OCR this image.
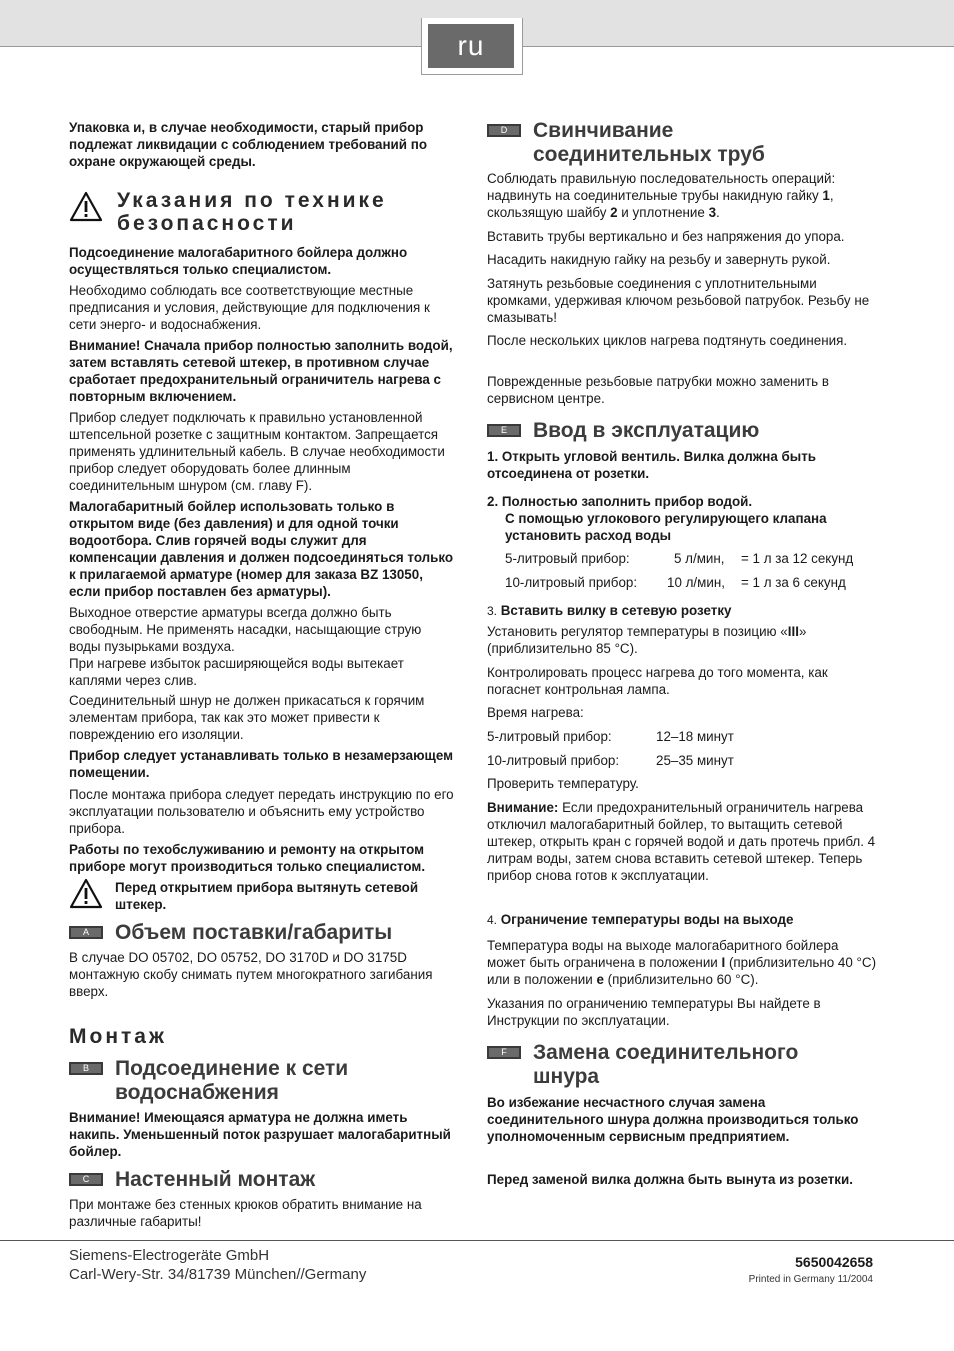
ru

Упаковка и, в случае необходимости, старый прибор подлежат ликвидации с соблюдением требований по охране окружающей среды.

Указания по технике безопасности

Подсоединение малогабаритного бойлера должно осуществляться только специалистом.

Необходимо соблюдать все соответствующие местные предписания и условия, действующие для подключения к сети энерго- и водоснабжения.

Внимание! Сначала прибор полностью заполнить водой, затем вставлять сетевой штекер, в противном случае сработает предохранительный ограничитель нагрева с повторным включением.

Прибор следует подключать к правильно установленной штепсельной розетке с защитным контактом. Запрещается применять удлинительный кабель. В случае необходимости прибор следует оборудовать более длинным соединительным шнуром (см. главу F).

Малогабаритный бойлер использовать только в открытом виде (без давления) и для одной точки водоотбора. Слив горячей воды служит для компенсации давления и должен подсоединяться только к прилагаемой арматуре (номер для заказа BZ 13050, если прибор поставлен без арматуры).

Выходное отверстие арматуры всегда должно быть свободным. Не применять насадки, насыщающие струю воды пузырьками воздуха.

При нагреве избыток расширяющейся воды вытекает каплями через слив.

Соединительный шнур не должен прикасаться к горячим элементам прибора, так как это может привести к повреждению его изоляции.

Прибор следует устанавливать только в незамерзающем помещении.

После монтажа прибора следует передать инструкцию по его эксплуатации пользователю и объяснить ему устройство прибора.

Работы по техобслуживанию и ремонту на открытом приборе могут производиться только специалистом.

Перед открытием прибора вытянуть сетевой штекер.

A	Объем поставки/габариты

В случае DO 05702, DO 05752, DO 3170D и DO 3175D монтажную скобу снимать путем многократного загибания вверх.

Монтаж
B	Подсоединение к сети водоснабжения

Внимание! Имеющаяся арматура не должна иметь накипь. Уменьшенный поток разрушает малогабаритный бойлер.

C	Настенный монтаж

При монтаже без стенных крюков обратить внимание на различные габариты!

D	Свинчивание соединительных труб

Соблюдать правильную последовательность операций: надвинуть на соединительные трубы накидную гайку 1, скользящую шайбу 2 и уплотнение 3.

Вставить трубы вертикально и без напряжения до упора.

Насадить накидную гайку на резьбу и завернуть рукой.

Затянуть резьбовые соединения с уплотнительными кромками, удерживая ключом резьбовой патрубок. Резьбу не смазывать!

После нескольких циклов нагрева подтянуть соединения.

Поврежденные резьбовые патрубки можно заменить в сервисном центре.

E	Ввод в эксплуатацию

1. Открыть угловой вентиль. Вилка должна быть отсоединена от розетки.

2. Полностью заполнить прибор водой.

С помощью углокового регулирующего клапана установить расход воды

5-литровый прибор:	5 л/мин, = 1 л за 12 секунд
10-литровый прибор: 10 л/мин, = 1 л за 6 секунд

3. Вставить вилку в сетевую розетку

Установить регулятор температуры в позицию «III» (приблизительно 85 °C).

Контролировать процесс нагрева до того момента, как погаснет контрольная лампа.

Время нагрева:

5-литровый прибор:	12–18 минут
10-литровый прибор:	25–35 минут

Проверить температуру.

Внимание: Если предохранительный ограничитель нагрева отключил малогабаритный бойлер, то вытащить сетевой штекер, открыть кран с горячей водой и дать протечь прибл. 4 литрам воды, затем снова вставить сетевой штекер. Теперь прибор снова готов к эксплуатации.

4. Ограничение температуры воды на выходе

Температура воды на выходе малогабаритного бойлера может быть ограничена в положении I (приблизительно 40 °C) или в положении e (приблизительно 60 °C).

Указания по ограничению температуры Вы найдете в Инструкции по эксплуатации.

F	Замена соединительного шнура

Во избежание несчастного случая замена соединительного шнура должна производиться только уполномоченным сервисным предприятием.

Перед заменой вилка должна быть вынута из розетки.

Siemens-Electrogeräte GmbH
Carl-Wery-Str. 34/81739 München//Germany
5650042658
Printed in Germany 11/2004
